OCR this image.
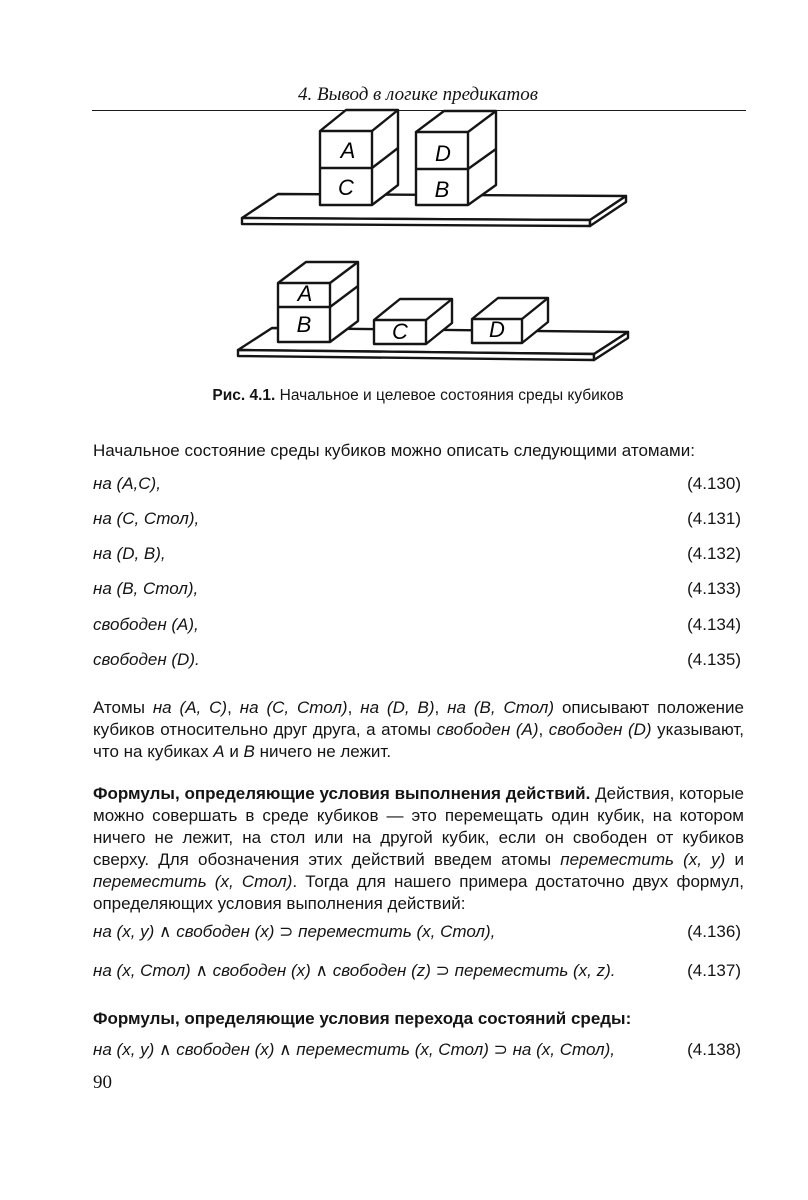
4. Вывод в логике предикатов
A
C
D
B
A
B	C	D
Рис. 4.1. Начальное и целевое состояния среды кубиков
Начальное состояние среды кубиков можно описать следующими атомами:
на (A,C),	(4.130)
на (C, Стол),	(4.131)
на (D, B),	(4.132)
на (B, Стол),	(4.133)
свободен (A),	(4.134)
свободен (D).	(4.135)
Атомы на (A, C), на (C, Стол), на (D, B), на (B, Стол) описывают положение кубиков относительно друг друга, а атомы свободен (A), свободен (D) указывают, что на кубиках A и B ничего не лежит.
Формулы, определяющие условия выполнения действий. Действия, которые можно совершать в среде кубиков — это перемещать один кубик, на котором ничего не лежит, на стол или на другой кубик, если он свободен от кубиков сверху. Для обозначения этих действий введем атомы переместить (x, y) и переместить (x, Стол). Тогда для нашего примера достаточно двух формул, определяющих условия выполнения действий:
на (x, y) ∧ свободен (x) ⊃ переместить (x, Стол),	(4.136)
на (x, Стол) ∧ свободен (x) ∧ свободен (z) ⊃ переместить (x, z).	(4.137)
Формулы, определяющие условия перехода состояний среды:
на (x, y) ∧ свободен (x) ∧ переместить (x, Стол) ⊃ на (x, Стол),	(4.138)
90
